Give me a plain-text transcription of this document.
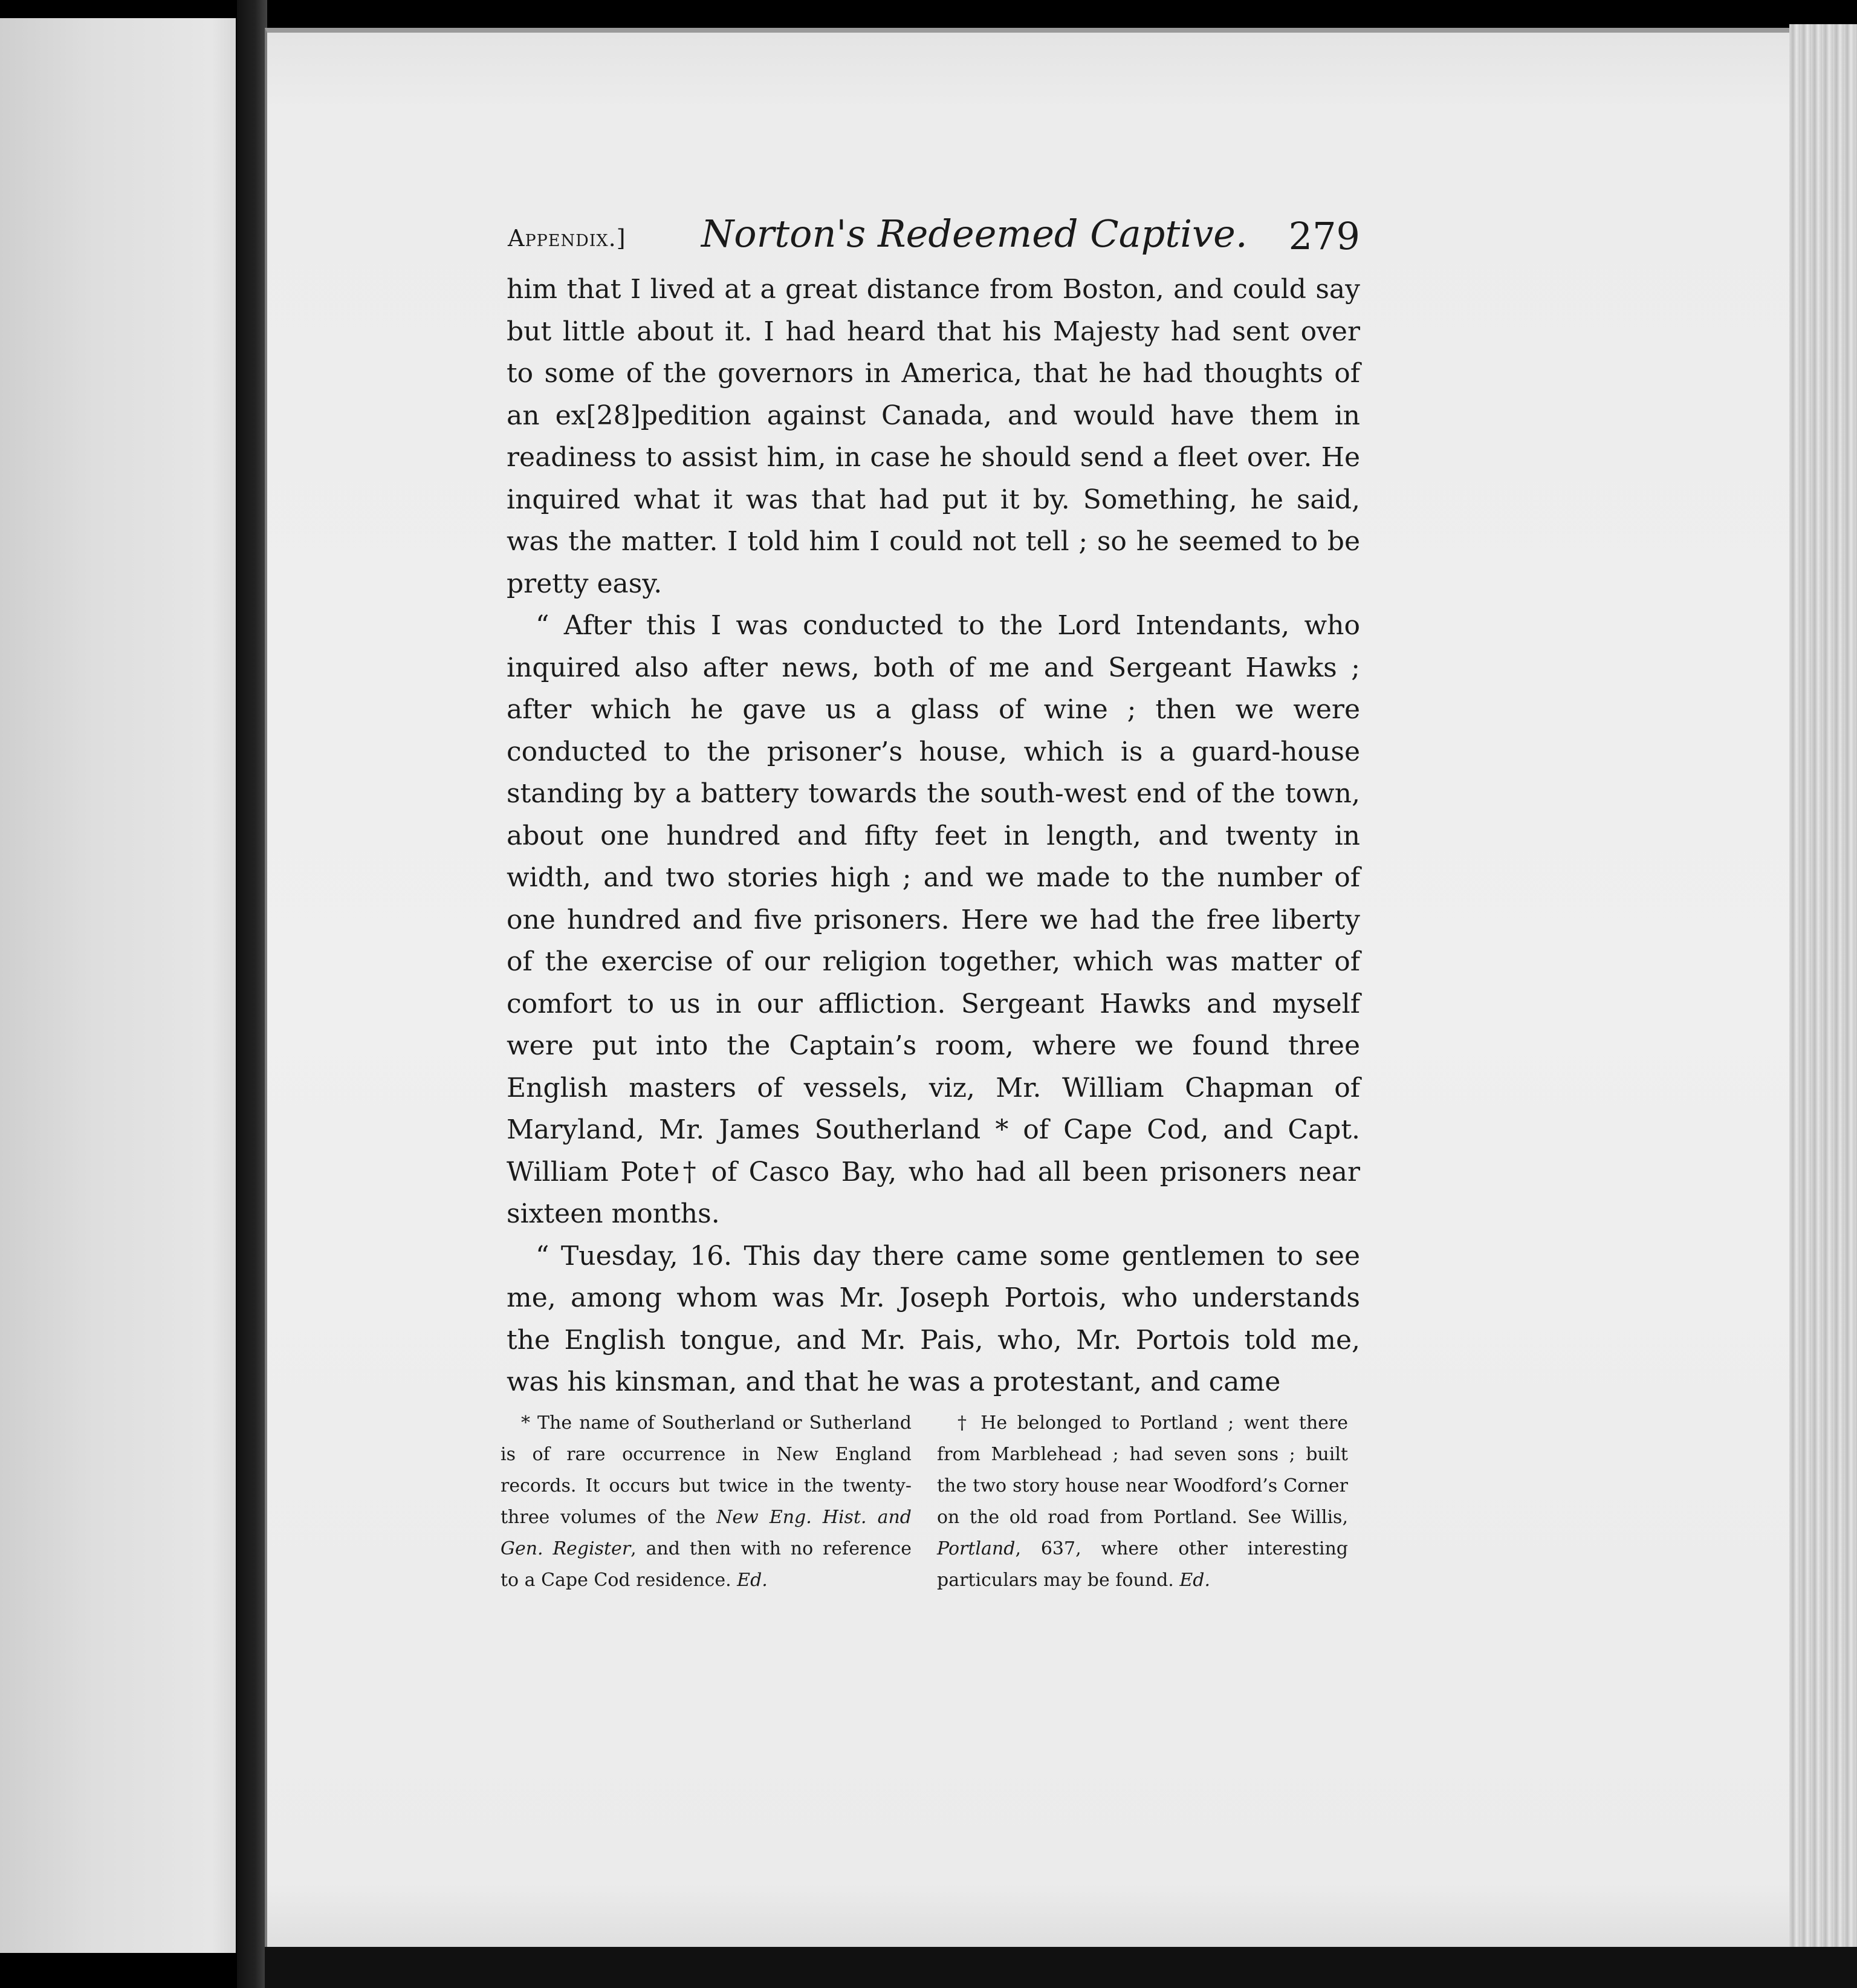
Appendix.] Norton's Redeemed Captive. 279

him that I lived at a great distance from Boston, and could say but little about it. I had heard that his Majesty had sent over to some of the governors in America, that he had thoughts of an ex[28]pedition against Canada, and would have them in readiness to assist him, in case he should send a fleet over. He inquired what it was that had put it by. Something, he said, was the matter. I told him I could not tell ; so he seemed to be pretty easy.

“ After this I was conducted to the Lord Intendants, who inquired also after news, both of me and Sergeant Hawks ; after which he gave us a glass of wine ; then we were conducted to the prisoner’s house, which is a guard-house standing by a battery towards the south-west end of the town, about one hundred and fifty feet in length, and twenty in width, and two stories high ; and we made to the number of one hundred and five prisoners. Here we had the free liberty of the exercise of our religion together, which was matter of comfort to us in our affliction. Sergeant Hawks and myself were put into the Captain’s room, where we found three English masters of vessels, viz, Mr. William Chapman of Maryland, Mr. James Southerland * of Cape Cod, and Capt. William Pote† of Casco Bay, who had all been prisoners near sixteen months.

“ Tuesday, 16. This day there came some gentlemen to see me, among whom was Mr. Joseph Portois, who understands the English tongue, and Mr. Pais, who, Mr. Portois told me, was his kinsman, and that he was a protestant, and came

* The name of Southerland or Sutherland is of rare occurrence in New England records. It occurs but twice in the twenty-three volumes of the New Eng. Hist. and Gen. Register, and then with no reference to a Cape Cod residence. Ed.

† He belonged to Portland ; went there from Marblehead ; had seven sons ; built the two story house near Woodford’s Corner on the old road from Portland. See Willis, Portland, 637, where other interesting particulars may be found. Ed.
